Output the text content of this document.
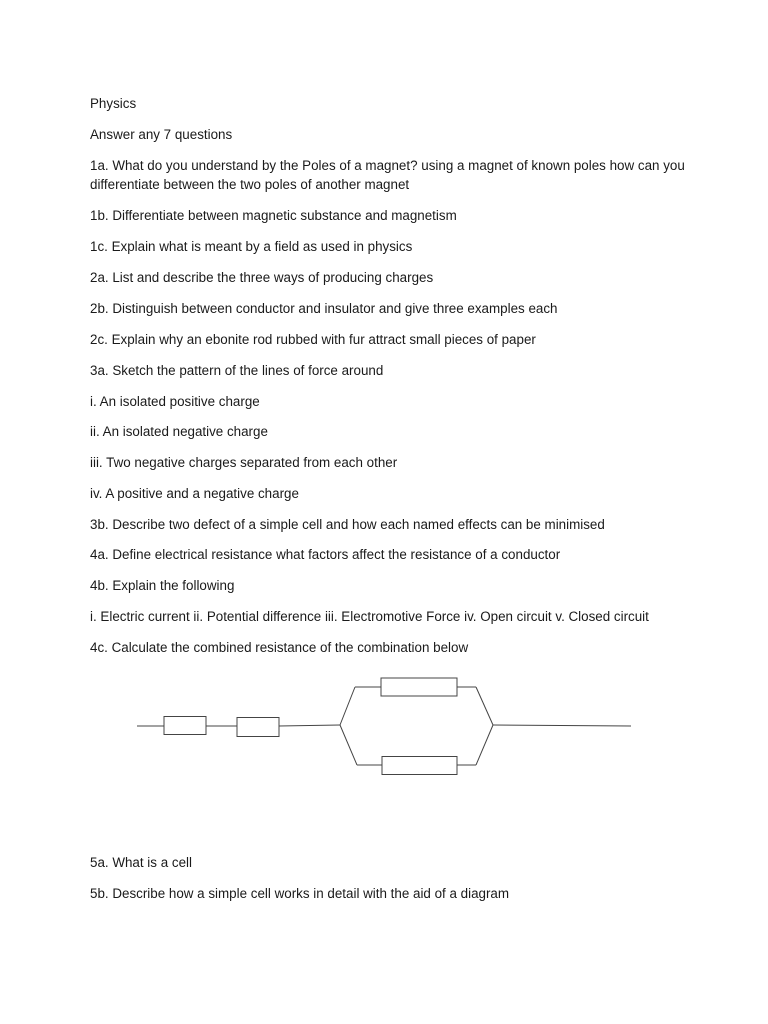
Physics
Answer any 7 questions
1a. What do you understand by the Poles of a magnet? using a magnet of known poles how can you differentiate between the two poles of another magnet
1b. Differentiate between magnetic substance and magnetism
1c. Explain what is meant by a field as used in physics
2a. List and describe the three ways of producing charges
2b. Distinguish between conductor and insulator and give three examples each
2c. Explain why an ebonite rod rubbed with fur attract small pieces of paper
3a. Sketch the pattern of the lines of force around
i. An isolated positive charge
ii. An isolated negative charge
iii. Two negative charges separated from each other
iv. A positive and a negative charge
3b. Describe two defect of a simple cell and how each named effects can be minimised
4a. Define electrical resistance what factors affect the resistance of a conductor
4b. Explain the following
i. Electric current ii. Potential difference iii. Electromotive Force iv. Open circuit v. Closed circuit
4c. Calculate the combined resistance of the combination below
5a. What is a cell
5b. Describe how a simple cell works in detail with the aid of a diagram
